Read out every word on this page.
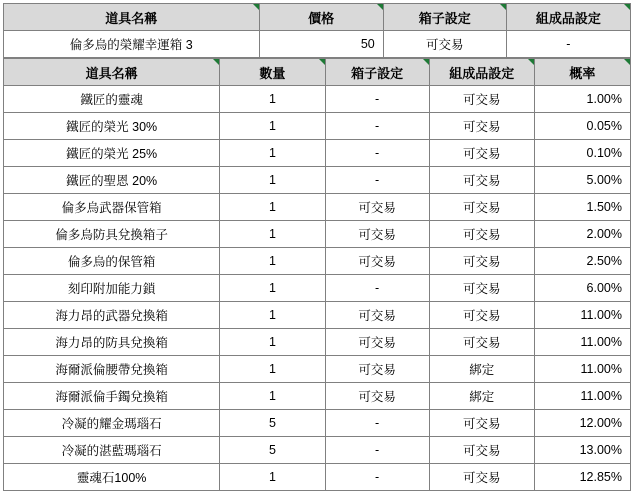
道具名稱	價格	箱子設定	組成品設定
倫多烏的榮耀幸運箱 3	50	可交易	-
道具名稱	數量	箱子設定	組成品設定	概率
鐵匠的靈魂	1	-	可交易	1.00%
鐵匠的榮光 30%	1	-	可交易	0.05%
鐵匠的榮光 25%	1	-	可交易	0.10%
鐵匠的聖恩 20%	1	-	可交易	5.00%
倫多烏武器保管箱	1	可交易	可交易	1.50%
倫多烏防具兌換箱子	1	可交易	可交易	2.00%
倫多烏的保管箱	1	可交易	可交易	2.50%
刻印附加能力鎖	1	-	可交易	6.00%
海力昂的武器兌換箱	1	可交易	可交易	11.00%
海力昂的防具兌換箱	1	可交易	可交易	11.00%
海爾派倫腰帶兌換箱	1	可交易	綁定	11.00%
海爾派倫手鐲兌換箱	1	可交易	綁定	11.00%
冷凝的耀金瑪瑙石	5	-	可交易	12.00%
冷凝的湛藍瑪瑙石	5	-	可交易	13.00%
靈魂石100%	1	-	可交易	12.85%
